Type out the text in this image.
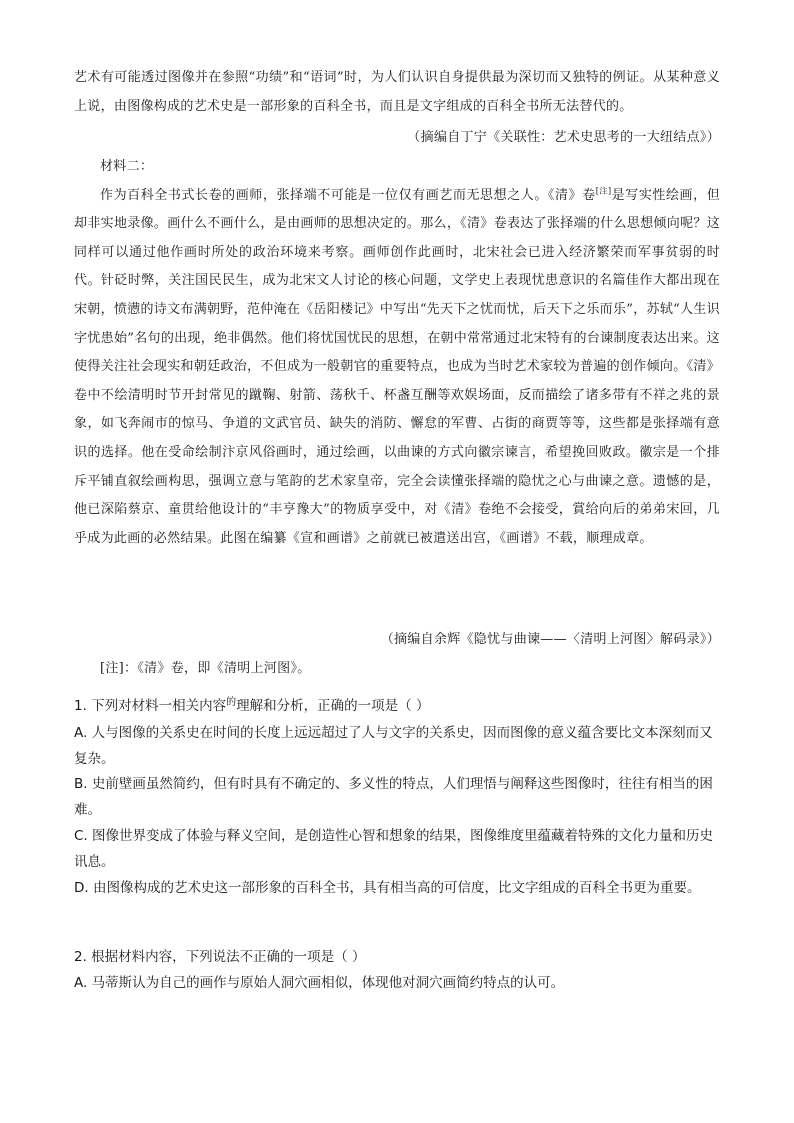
艺术有可能透过图像并在参照“功绩”和“语词”时，为人们认识自身提供最为深切而又独特的例证。从某种意义上说，由图像构成的艺术史是一部形象的百科全书，而且是文字组成的百科全书所无法替代的。

（摘编自丁宁《关联性：艺术史思考的一大纽结点》）

材料二：

作为百科全书式长卷的画师，张择端不可能是一位仅有画艺而无思想之人。《清》卷[注]是写实性绘画，但却非实地录像。画什么不画什么，是由画师的思想决定的。那么，《清》卷表达了张择端的什么思想倾向呢？这同样可以通过他作画时所处的政治环境来考察。画师创作此画时，北宋社会已进入经济繁荣而军事贫弱的时代。针砭时弊，关注国民民生，成为北宋文人讨论的核心问题，文学史上表现忧患意识的名篇佳作大都出现在宋朝，愤懑的诗文布满朝野，范仲淹在《岳阳楼记》中写出“先天下之忧而忧，后天下之乐而乐”，苏轼“人生识字忧患始”名句的出现，绝非偶然。他们将忧国忧民的思想，在朝中常常通过北宋特有的台谏制度表达出来。这使得关注社会现实和朝廷政治，不但成为一般朝官的重要特点，也成为当时艺术家较为普遍的创作倾向。《清》卷中不绘清明时节开封常见的蹴鞠、射箭、荡秋千、杯盏互酬等欢娱场面，反而描绘了诸多带有不祥之兆的景象，如飞奔闹市的惊马、争道的文武官员、缺失的消防、懈怠的军曹、占街的商贾等等，这些都是张择端有意识的选择。他在受命绘制汴京风俗画时，通过绘画，以曲谏的方式向徽宗谏言，希望挽回败政。徽宗是一个排斥平铺直叙绘画构思，强调立意与笔韵的艺术家皇帝，完全会读懂张择端的隐忧之心与曲谏之意。遗憾的是，他已深陷蔡京、童贯给他设计的“丰亨豫大”的物质享受中，对《清》卷绝不会接受，賞给向后的弟弟宋回，几乎成为此画的必然结果。此图在编纂《宣和画谱》之前就已被遣送出宫，《画谱》不载，顺理成章。

（摘编自余辉《隐忧与曲谏——〈清明上河图〉解码录》）

[注]：《清》卷，即《清明上河图》。

1. 下列对材料一相关内容$^的$理解和分析，正确的一项是（ ）

A. 人与图像的关系史在时间的长度上远远超过了人与文字的关系史，因而图像的意义蕴含要比文本深刻而又复杂。

B. 史前壁画虽然简约，但有时具有不确定的、多义性的特点，人们理悟与阐释这些图像时，往往有相当的困难。

C. 图像世界变成了体验与释义空间，是创造性心智和想象的结果，图像维度里蕴藏着特殊的文化力量和历史讯息。

D. 由图像构成的艺术史这一部形象的百科全书，具有相当高的可信度，比文字组成的百科全书更为重要。

2. 根据材料内容，下列说法不正确的一项是（ ）

A. 马蒂斯认为自己的画作与原始人洞穴画相似，体现他对洞穴画简约特点的认可。
